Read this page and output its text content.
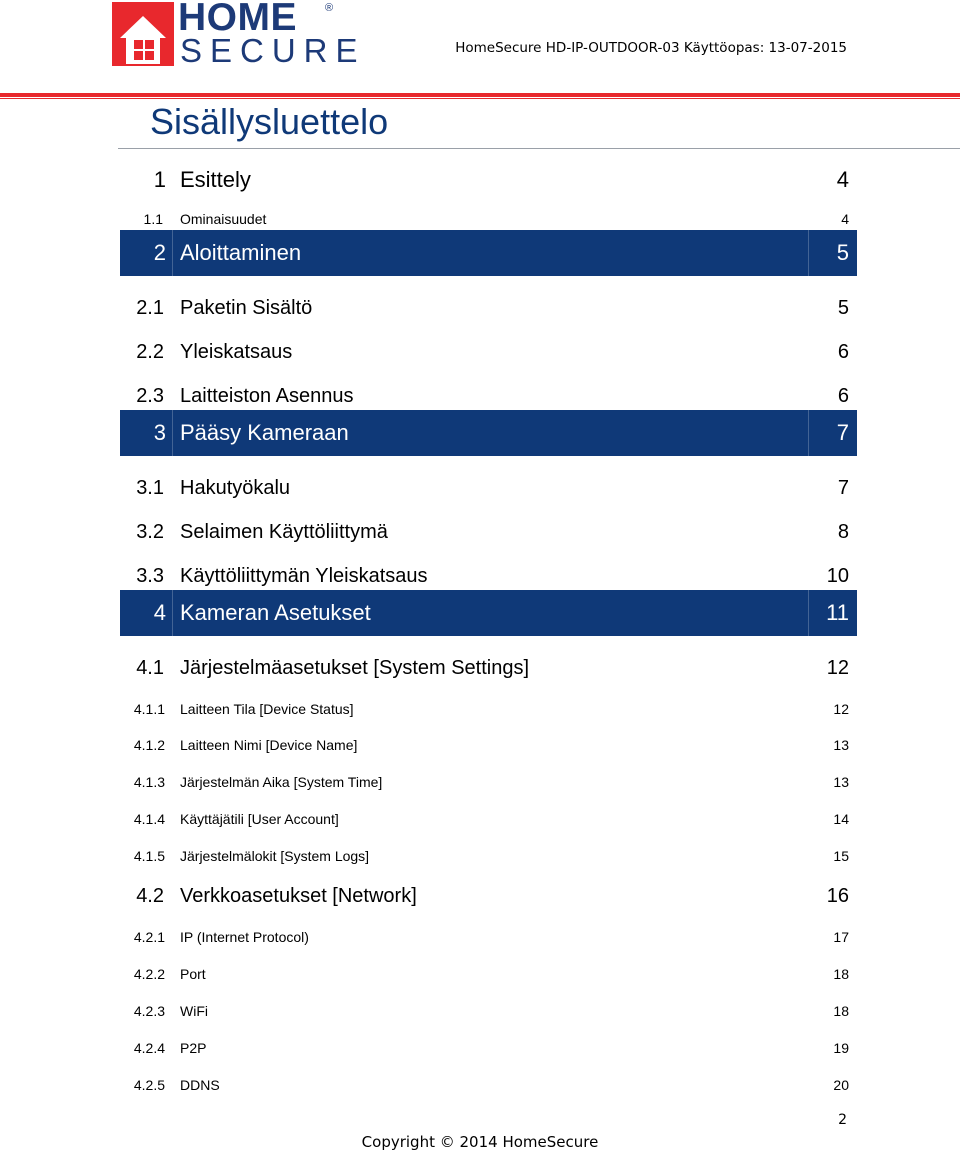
HOME	®
SECURE	HomeSecure HD-IP-OUTDOOR-03 Käyttöopas: 13-07-2015
Sisällysluettelo
1 Esittely	4
1.1 Ominaisuudet	4
2 Aloittaminen	5
2.1 Paketin Sisältö	5
2.2 Yleiskatsaus	6
2.3 Laitteiston Asennus	6
3 Pääsy Kameraan	7
3.1 Hakutyökalu	7
3.2 Selaimen Käyttöliittymä	8
3.3 Käyttöliittymän Yleiskatsaus	10
4 Kameran Asetukset	11
4.1 Järjestelmäasetukset [System Settings]	12
4.1.1 Laitteen Tila [Device Status]	12
4.1.2 Laitteen Nimi [Device Name]	13
4.1.3 Järjestelmän Aika [System Time]	13
4.1.4 Käyttäjätili [User Account]	14
4.1.5 Järjestelmälokit [System Logs]	15
4.2 Verkkoasetukset [Network]	16
4.2.1 IP (Internet Protocol)	17
4.2.2 Port	18
4.2.3 WiFi	18
4.2.4 P2P	19
4.2.5 DDNS	20
2
Copyright © 2014 HomeSecure
